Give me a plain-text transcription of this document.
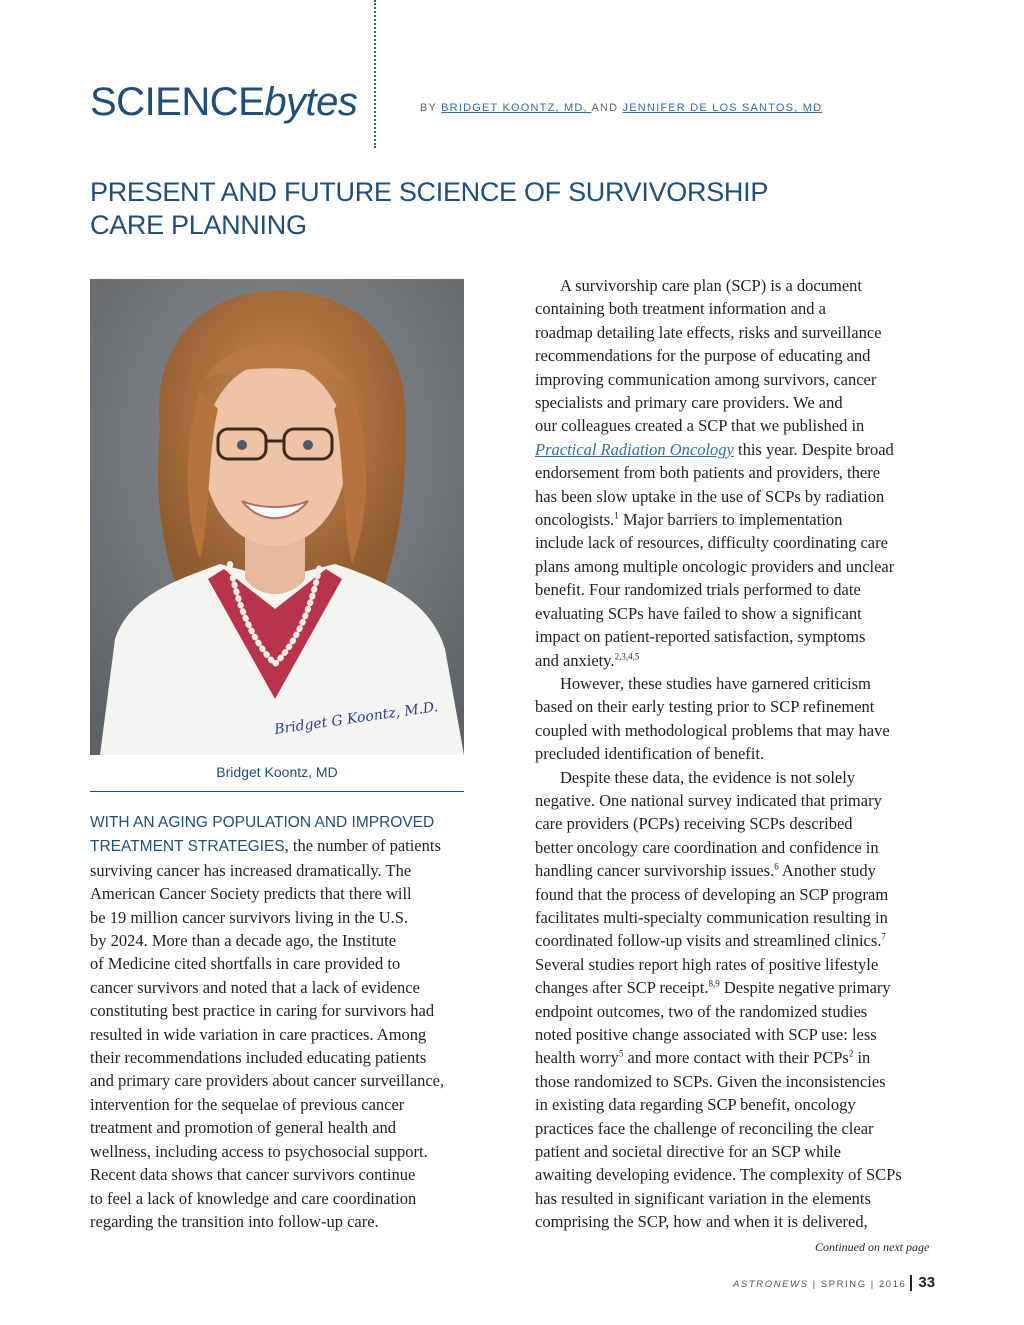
SCIENCEbytes	BY BRIDGET KOONTZ, MD, AND JENNIFER DE LOS SANTOS, MD
PRESENT AND FUTURE SCIENCE OF SURVIVORSHIP
CARE PLANNING
Bridget G Koontz, M.D.
Bridget Koontz, MD
WITH AN AGING POPULATION AND IMPROVED
TREATMENT STRATEGIES, the number of patients
surviving cancer has increased dramatically. The
American Cancer Society predicts that there will
be 19 million cancer survivors living in the U.S.
by 2024. More than a decade ago, the Institute
of Medicine cited shortfalls in care provided to
cancer survivors and noted that a lack of evidence
constituting best practice in caring for survivors had
resulted in wide variation in care practices. Among
their recommendations included educating patients
and primary care providers about cancer surveillance,
intervention for the sequelae of previous cancer
treatment and promotion of general health and
wellness, including access to psychosocial support.
Recent data shows that cancer survivors continue
to feel a lack of knowledge and care coordination
regarding the transition into follow-up care.
A survivorship care plan (SCP) is a document
containing both treatment information and a
roadmap detailing late effects, risks and surveillance
recommendations for the purpose of educating and
improving communication among survivors, cancer
specialists and primary care providers. We and
our colleagues created a SCP that we published in
Practical Radiation Oncology this year. Despite broad
endorsement from both patients and providers, there
has been slow uptake in the use of SCPs by radiation
oncologists.$^1$ Major barriers to implementation
include lack of resources, difficulty coordinating care
plans among multiple oncologic providers and unclear
benefit. Four randomized trials performed to date
evaluating SCPs have failed to show a significant
impact on patient-reported satisfaction, symptoms
and anxiety.$^{2,3,4,5}$
However, these studies have garnered criticism
based on their early testing prior to SCP refinement
coupled with methodological problems that may have
precluded identification of benefit.
Despite these data, the evidence is not solely
negative. One national survey indicated that primary
care providers (PCPs) receiving SCPs described
better oncology care coordination and confidence in
handling cancer survivorship issues.$^6$ Another study
found that the process of developing an SCP program
facilitates multi-specialty communication resulting in
coordinated follow-up visits and streamlined clinics.$^7$
Several studies report high rates of positive lifestyle
changes after SCP receipt.$^{8,9}$ Despite negative primary
endpoint outcomes, two of the randomized studies
noted positive change associated with SCP use: less
health worry$^5$ and more contact with their PCPs$^2$ in
those randomized to SCPs. Given the inconsistencies
in existing data regarding SCP benefit, oncology
practices face the challenge of reconciling the clear
patient and societal directive for an SCP while
awaiting developing evidence. The complexity of SCPs
has resulted in significant variation in the elements
comprising the SCP, how and when it is delivered,
Continued on next page
ASTRONEWS | SPRING | 2016 33
